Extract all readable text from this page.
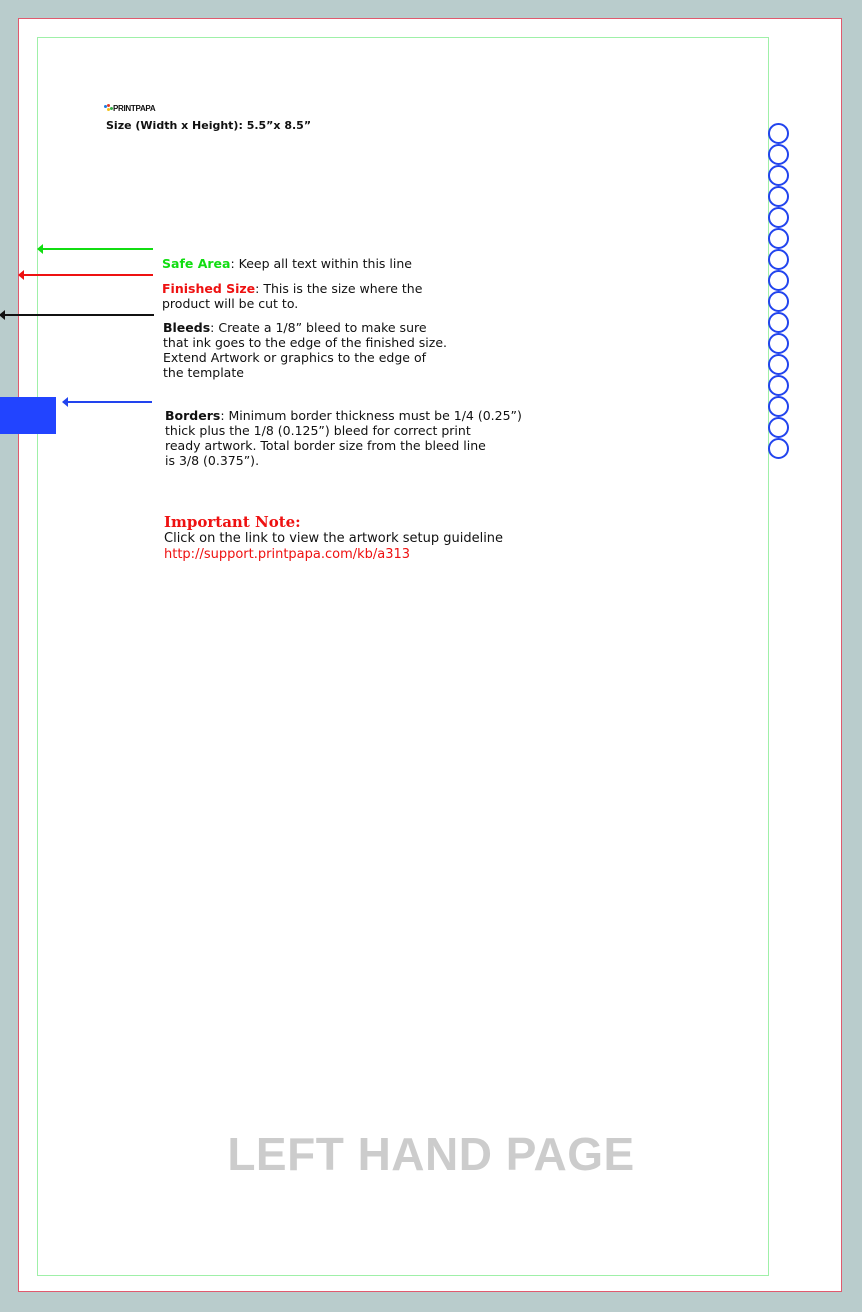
PRINTPAPA
Size (Width x Height): 5.5”x 8.5”

Safe Area: Keep all text within this line

Finished Size: This is the size where the
product will be cut to.

Bleeds: Create a 1/8” bleed to make sure
that ink goes to the edge of the finished size.
Extend Artwork or graphics to the edge of
the template

Borders: Minimum border thickness must be 1/4 (0.25”)
thick plus the 1/8 (0.125”) bleed for correct print
ready artwork. Total border size from the bleed line
is 3/8 (0.375”).

Important Note:
Click on the link to view the artwork setup guideline
http://support.printpapa.com/kb/a313
LEFT HAND PAGE
